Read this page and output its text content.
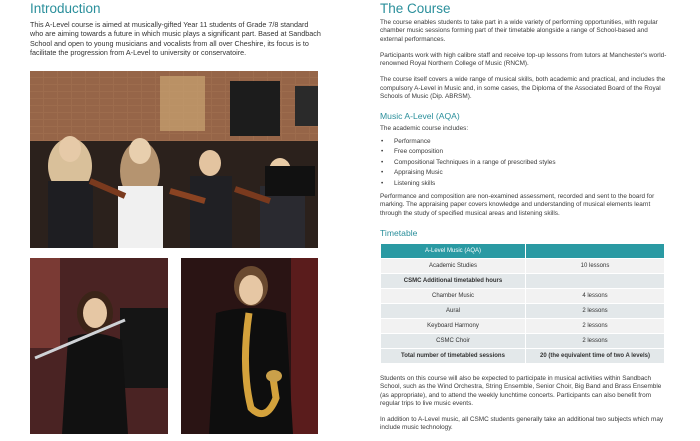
Introduction
This A-Level course is aimed at musically-gifted Year 11 students of Grade 7/8 standard who are aiming towards a future in which music plays a significant part. Based at Sandbach School and open to young musicians and vocalists from all over Cheshire, its focus is to facilitate the progression from A-Level to university or conservatoire.
The Course
The course enables students to take part in a wide variety of performing opportunities, with regular chamber music sessions forming part of their timetable alongside a range of School-based and external performances.
Participants work with high calibre staff and receive top-up lessons from tutors at Manchester's world-renowned Royal Northern College of Music (RNCM).
The course itself covers a wide range of musical skills, both academic and practical, and includes the compulsory A-Level in Music and, in some cases, the Diploma of the Associated Board of the Royal Schools of Music (Dip. ABRSM).
Music A-Level (AQA)
The academic course includes:
• Performance
• Free composition
• Compositional Techniques in a range of prescribed styles
• Appraising Music
• Listening skills
Performance and composition are non-examined assessment, recorded and sent to the board for marking. The appraising paper covers knowledge and understanding of musical elements learnt through the study of specified musical areas and listening skills.
Timetable
A-Level Music (AQA)	
Academic Studies	10 lessons
CSMC Additional timetabled hours	
Chamber Music	4 lessons
Aural	2 lessons
Keyboard Harmony	2 lessons
CSMC Choir	2 lessons
Total number of timetabled sessions	20 (the equivalent time of two A levels)
Students on this course will also be expected to participate in musical activities within Sandbach School, such as the Wind Orchestra, String Ensemble, Senior Choir, Big Band and Brass Ensemble (as appropriate), and to attend the weekly lunchtime concerts. Participants can also benefit from regular trips to live music events.
In addition to A-Level music, all CSMC students generally take an additional two subjects which may include music technology.
